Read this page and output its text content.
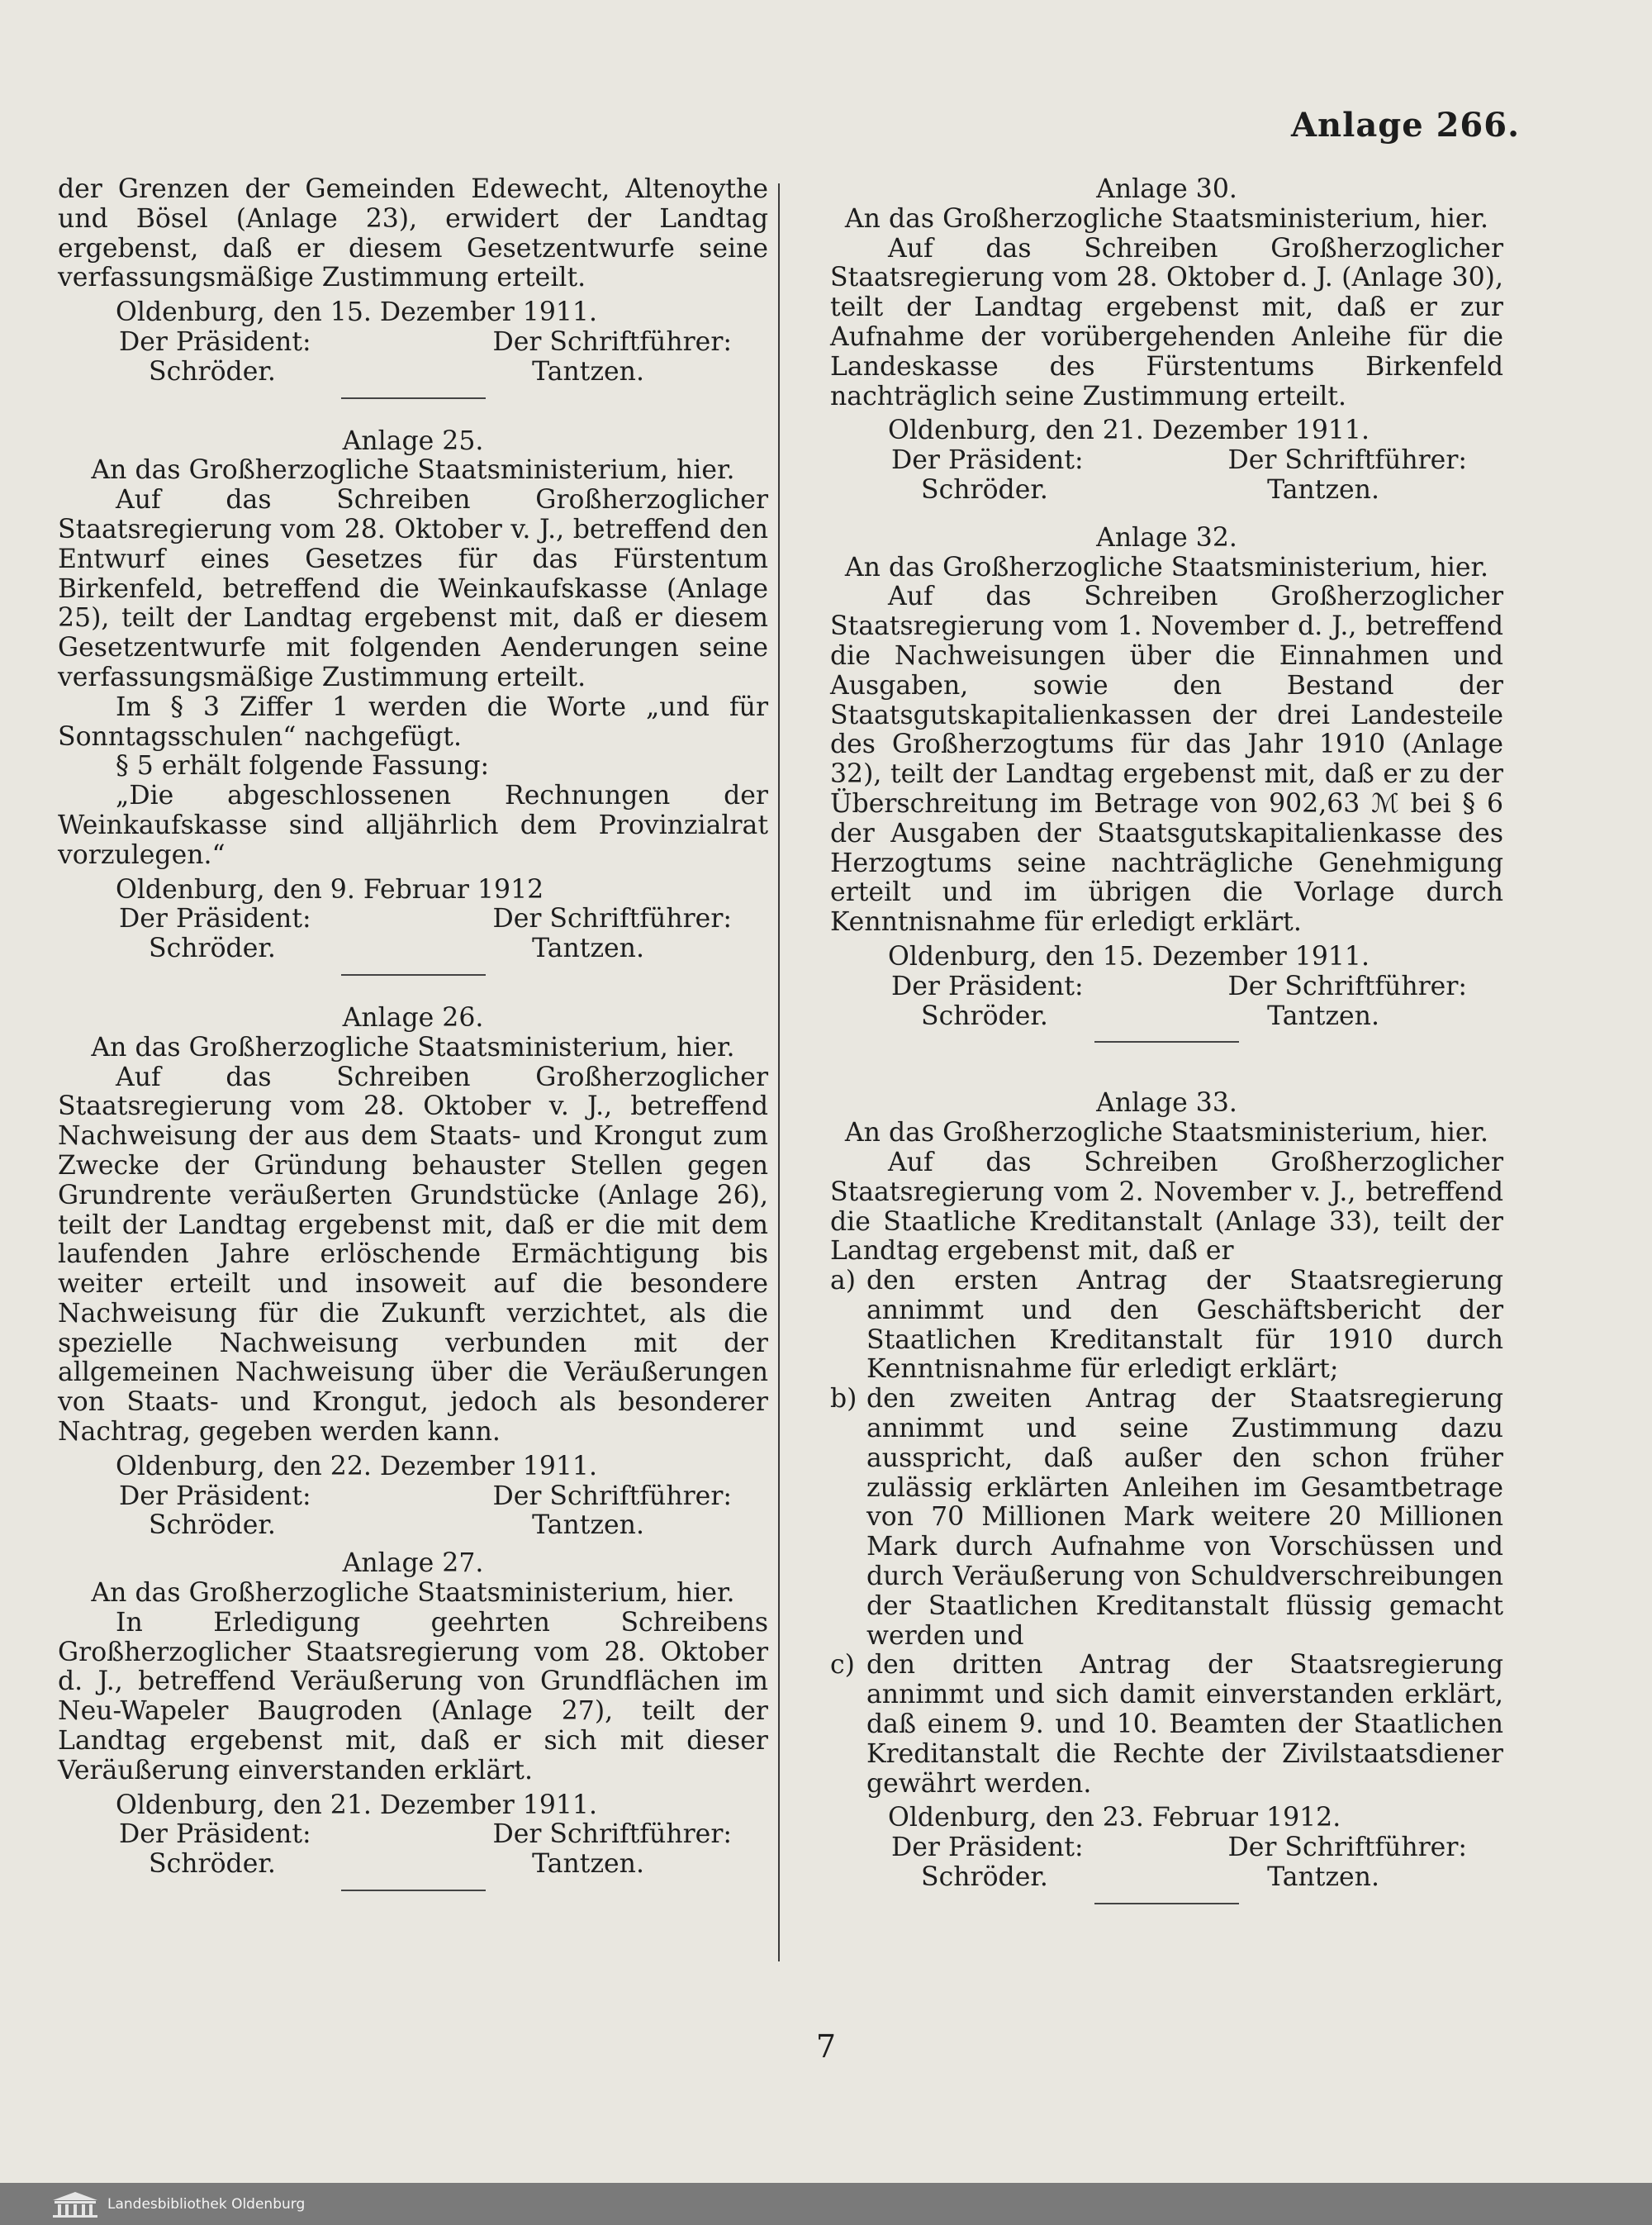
Anlage 266.

der Grenzen der Gemeinden Edewecht, Altenoythe und Bösel (Anlage 23), erwidert der Landtag ergebenst, daß er diesem Gesetzentwurfe seine verfassungsmäßige Zustimmung erteilt.

Oldenburg, den 15. Dezember 1911.

Der Präsident:	Der Schriftführer:
Schröder.	Tantzen.

Anlage 25.

An das Großherzogliche Staatsministerium, hier.

Auf das Schreiben Großherzoglicher Staatsregierung vom 28. Oktober v. J., betreffend den Entwurf eines Gesetzes für das Fürstentum Birkenfeld, betreffend die Weinkaufskasse (Anlage 25), teilt der Landtag ergebenst mit, daß er diesem Gesetzentwurfe mit folgenden Aenderungen seine verfassungsmäßige Zustimmung erteilt.

Im § 3 Ziffer 1 werden die Worte „und für Sonntagsschulen“ nachgefügt.

§ 5 erhält folgende Fassung:

„Die abgeschlossenen Rechnungen der Weinkaufskasse sind alljährlich dem Provinzialrat vorzulegen.“

Oldenburg, den 9. Februar 1912

Der Präsident:	Der Schriftführer:
Schröder.	Tantzen.

Anlage 26.

An das Großherzogliche Staatsministerium, hier.

Auf das Schreiben Großherzoglicher Staatsregierung vom 28. Oktober v. J., betreffend Nachweisung der aus dem Staats- und Krongut zum Zwecke der Gründung behauster Stellen gegen Grundrente veräußerten Grundstücke (Anlage 26), teilt der Landtag ergebenst mit, daß er die mit dem laufenden Jahre erlöschende Ermächtigung bis weiter erteilt und insoweit auf die besondere Nachweisung für die Zukunft verzichtet, als die spezielle Nachweisung verbunden mit der allgemeinen Nachweisung über die Veräußerungen von Staats- und Krongut, jedoch als besonderer Nachtrag, gegeben werden kann.

Oldenburg, den 22. Dezember 1911.

Der Präsident:	Der Schriftführer:
Schröder.	Tantzen.

Anlage 27.

An das Großherzogliche Staatsministerium, hier.

In Erledigung geehrten Schreibens Großherzoglicher Staatsregierung vom 28. Oktober d. J., betreffend Veräußerung von Grundflächen im Neu-Wapeler Baugroden (Anlage 27), teilt der Landtag ergebenst mit, daß er sich mit dieser Veräußerung einverstanden erklärt.

Oldenburg, den 21. Dezember 1911.

Der Präsident:	Der Schriftführer:
Schröder.	Tantzen.

Anlage 30.

An das Großherzogliche Staatsministerium, hier.

Auf das Schreiben Großherzoglicher Staatsregierung vom 28. Oktober d. J. (Anlage 30), teilt der Landtag ergebenst mit, daß er zur Aufnahme der vorübergehenden Anleihe für die Landeskasse des Fürstentums Birkenfeld nachträglich seine Zustimmung erteilt.

Oldenburg, den 21. Dezember 1911.

Der Präsident:	Der Schriftführer:
Schröder.	Tantzen.

Anlage 32.

An das Großherzogliche Staatsministerium, hier.

Auf das Schreiben Großherzoglicher Staatsregierung vom 1. November d. J., betreffend die Nachweisungen über die Einnahmen und Ausgaben, sowie den Bestand der Staatsgutskapitalienkassen der drei Landesteile des Großherzogtums für das Jahr 1910 (Anlage 32), teilt der Landtag ergebenst mit, daß er zu der Überschreitung im Betrage von 902,63 ℳ bei § 6 der Ausgaben der Staatsgutskapitalienkasse des Herzogtums seine nachträgliche Genehmigung erteilt und im übrigen die Vorlage durch Kenntnisnahme für erledigt erklärt.

Oldenburg, den 15. Dezember 1911.

Der Präsident:	Der Schriftführer:
Schröder.	Tantzen.

Anlage 33.

An das Großherzogliche Staatsministerium, hier.

Auf das Schreiben Großherzoglicher Staatsregierung vom 2. November v. J., betreffend die Staatliche Kreditanstalt (Anlage 33), teilt der Landtag ergebenst mit, daß er

a) den ersten Antrag der Staatsregierung annimmt und den Geschäftsbericht der Staatlichen Kreditanstalt für 1910 durch Kenntnisnahme für erledigt erklärt;
b) den zweiten Antrag der Staatsregierung annimmt und seine Zustimmung dazu ausspricht, daß außer den schon früher zulässig erklärten Anleihen im Gesamtbetrage von 70 Millionen Mark weitere 20 Millionen Mark durch Aufnahme von Vorschüssen und durch Veräußerung von Schuldverschreibungen der Staatlichen Kreditanstalt flüssig gemacht werden und
c) den dritten Antrag der Staatsregierung annimmt und sich damit einverstanden erklärt, daß einem 9. und 10. Beamten der Staatlichen Kreditanstalt die Rechte der Zivilstaatsdiener gewährt werden.

Oldenburg, den 23. Februar 1912.

Der Präsident:	Der Schriftführer:
Schröder.	Tantzen.
7
Landesbibliothek Oldenburg
